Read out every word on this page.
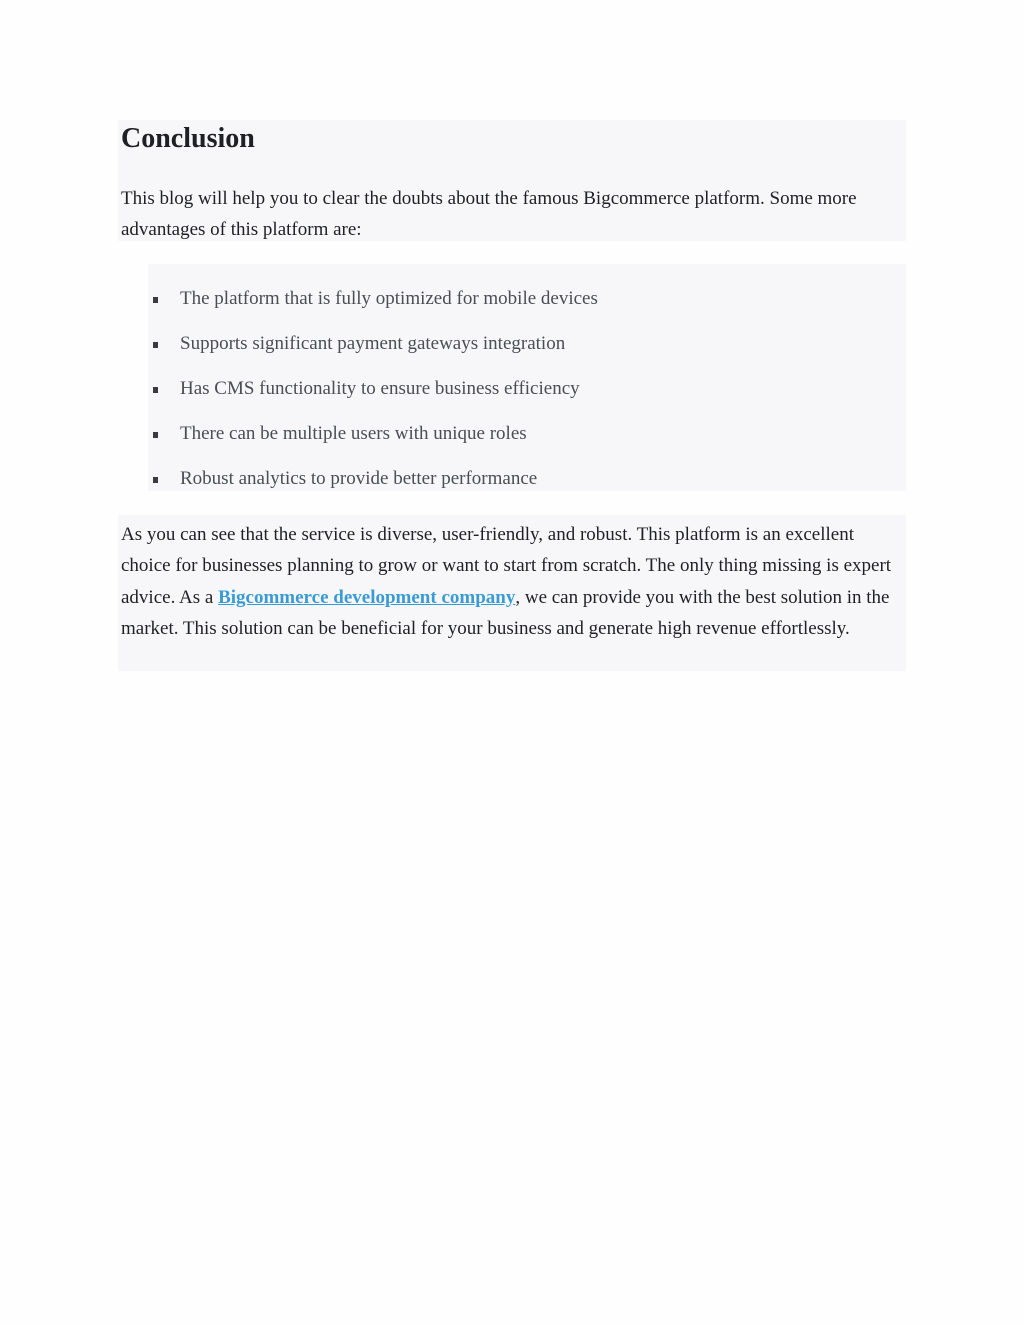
Conclusion

This blog will help you to clear the doubts about the famous Bigcommerce platform. Some more advantages of this platform are:

The platform that is fully optimized for mobile devices
Supports significant payment gateways integration
Has CMS functionality to ensure business efficiency
There can be multiple users with unique roles
Robust analytics to provide better performance

As you can see that the service is diverse, user-friendly, and robust. This platform is an excellent choice for businesses planning to grow or want to start from scratch. The only thing missing is expert advice. As a Bigcommerce development company, we can provide you with the best solution in the market. This solution can be beneficial for your business and generate high revenue effortlessly.
